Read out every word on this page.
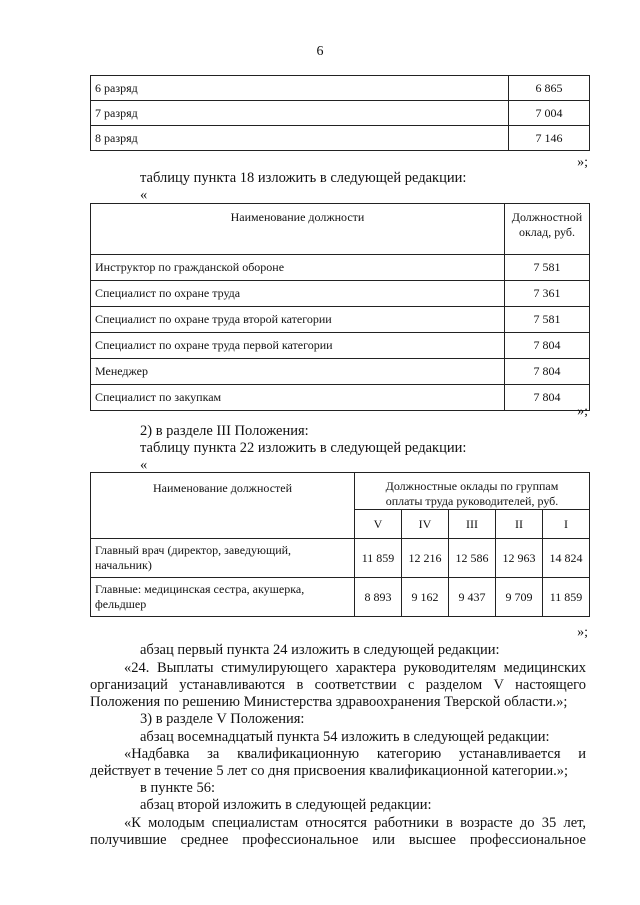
6
6 разряд	6 865
7 разряд	7 004
8 разряд	7 146
»;
таблицу пункта 18 изложить в следующей редакции:
«
Наименование должности	Должностной
оклад, руб.

Инструктор по гражданской обороне	7 581
Специалист по охране труда	7 361
Специалист по охране труда второй категории	7 581
Специалист по охране труда первой категории	7 804
Менеджер	7 804
Специалист по закупкам	7 804
»;
2) в разделе III Положения:
таблицу пункта 22 изложить в следующей редакции:
«
Наименование должностей	Должностные оклады по группам
оплаты труда руководителей, руб.				

	V	IV	III	II	I

Главный врач (директор, заведующий,
начальник)	11 859	12 216	12 586	12 963	14 824

Главные: медицинская сестра, акушерка,
фельдшер	8 893	9 162	9 437	9 709	11 859
»;
абзац первый пункта 24 изложить в следующей редакции:
«24. Выплаты стимулирующего характера руководителям медицинских
организаций устанавливаются в соответствии с разделом V настоящего
Положения по решению Министерства здравоохранения Тверской области.»;
3) в разделе V Положения:
абзац восемнадцатый пункта 54 изложить в следующей редакции:
«Надбавка за квалификационную категорию устанавливается и
действует в течение 5 лет со дня присвоения квалификационной категории.»;
в пункте 56:
абзац второй изложить в следующей редакции:
«К молодым специалистам относятся работники в возрасте до 35 лет,
получившие среднее профессиональное или высшее профессиональное
